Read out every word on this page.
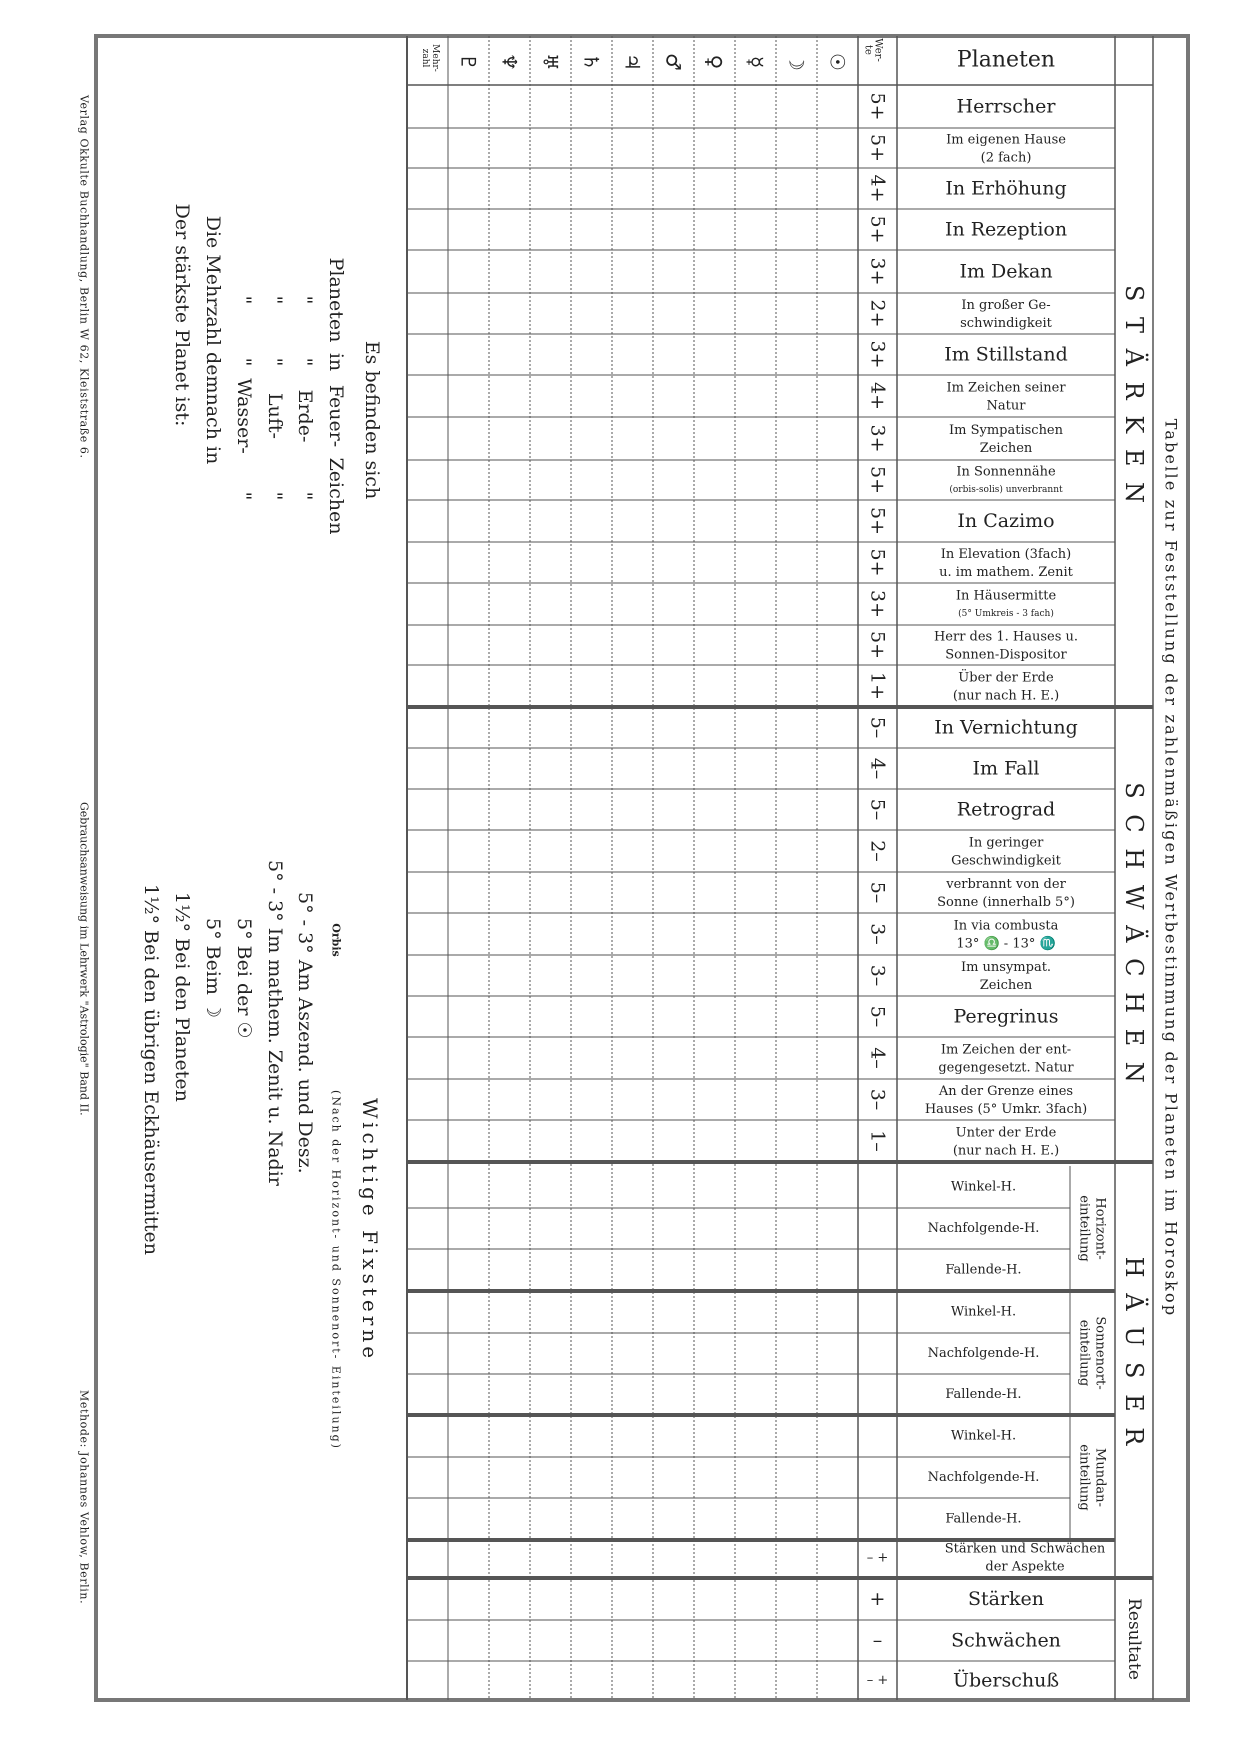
Planeten
Wer-
te
Mehr-
zahl	☉
☽
☿
♀
♂
♃
♄
♅
♆
♇
Herrscher
5+
Im eigenen Hause
(2 fach)
5+
In Erhöhung
4+
In Rezeption
5+
Im Dekan
3+
In großer Ge-
schwindigkeit
2+
Im Stillstand
3+
Im Zeichen seiner
Natur
4+
Im Sympatischen
Zeichen
3+
In Sonnennähe
(orbis-solis) unverbrannt
5+
In Cazimo
5+
In Elevation (3fach)
u. im mathem. Zenit
5+
In Häusermitte
(5° Umkreis - 3 fach)
3+
Herr des 1. Hauses u.
Sonnen-Dispositor
5+
Über der Erde
(nur nach H. E.)
1+
In Vernichtung
5–
Im Fall
4–
Retrograd
5–
In geringer
Geschwindigkeit
2–
verbrannt von der
Sonne (innerhalb 5°)
5–
In via combusta
13° ♎ - 13° ♏
3–
Im unsympat.
Zeichen
3–
Peregrinus
5–
Im Zeichen der ent-
gegengesetzt. Natur
4–
An der Grenze eines
Hauses (5° Umkr. 3fach)
3–
Unter der Erde
(nur nach H. E.)
1–
Winkel-H.
Nachfolgende-H.
Fallende-H.
Horizont-
einteilung
Winkel-H.
Nachfolgende-H.
Fallende-H.
Sonnenort-
einteilung
Winkel-H.
Nachfolgende-H.
Fallende-H.
Mundan-
einteilung
Stärken und Schwächen
der Aspekte
– +
Stärken
+
Schwächen
–
Überschuß
– +
S T Ä R K E N
S C H W Ä C H E N
H Ä U S E R
Resultate
Tabelle zur Feststellung der zahlenmäßigen Wertbestimmung der Planeten im Horoskop
Es befinden sich
Planeten
in
Feuer-
Zeichen
"
"
Erde-
"
"
"
Luft-
"
"
"
Wasser-
"
Die Mehrzahl demnach in
Der stärkste Planet ist:
Wichtige Fixsterne
(Nach der Horizont- und Sonnenort- Einteilung)
Orbis
5° - 3° Am Aszend. und Desz.
5° - 3° Im mathem. Zenit u. Nadir
5° Bei der ☉
5° Beim ☽
1½° Bei den Planeten
1½° Bei den übrigen Eckhäusermitten
Verlag Okkulte Buchhandlung, Berlin W 62, Kleiststraße 6.
Gebrauchsanweisung im Lehrwerk "Astrologie" Band II.
Methode: Johannes Vehlow, Berlin.
